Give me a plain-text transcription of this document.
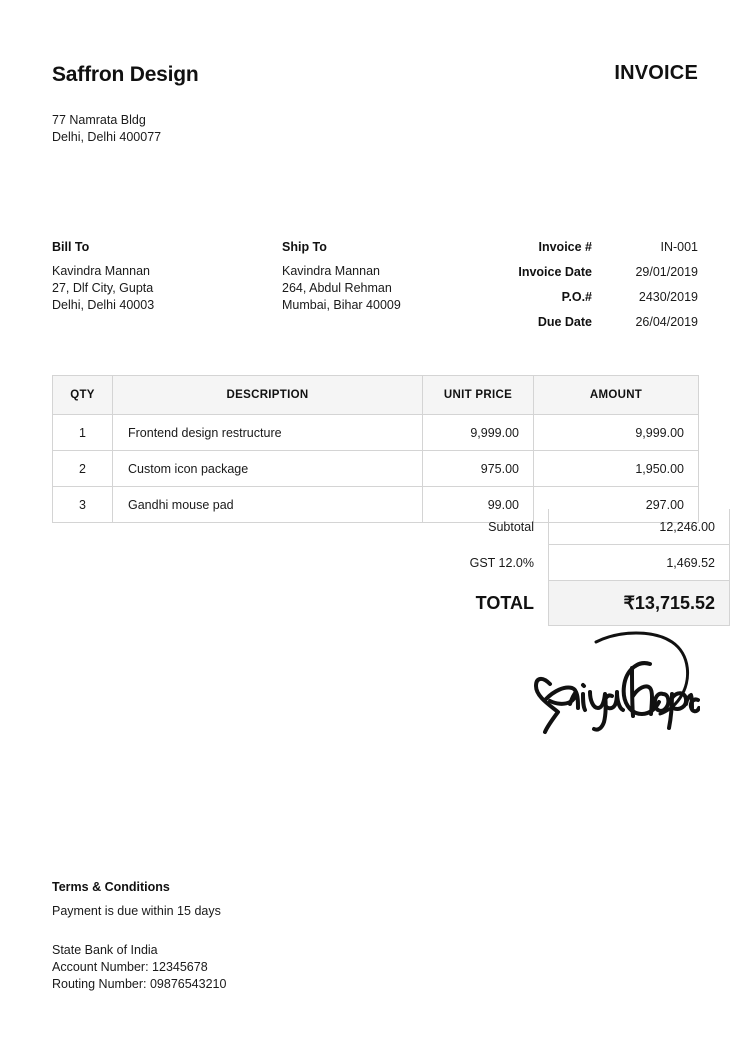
Saffron Design	INVOICE
77 Namrata Bldg
Delhi, Delhi 400077
Bill To
Kavindra Mannan
27, Dlf City, Gupta
Delhi, Delhi 40003
Ship To
Kavindra Mannan
264, Abdul Rehman
Mumbai, Bihar 40009
Invoice #	IN-001
Invoice Date	29/01/2019
P.O.#	2430/2019
Due Date	26/04/2019
QTY	DESCRIPTION	UNIT PRICE	AMOUNT
1	Frontend design restructure	9,999.00	9,999.00
2	Custom icon package	975.00	1,950.00
3	Gandhi mouse pad	99.00	297.00
Subtotal	12,246.00
GST 12.0%	1,469.52
TOTAL	₹13,715.52
Terms & Conditions
Payment is due within 15 days
State Bank of India
Account Number: 12345678
Routing Number: 09876543210
